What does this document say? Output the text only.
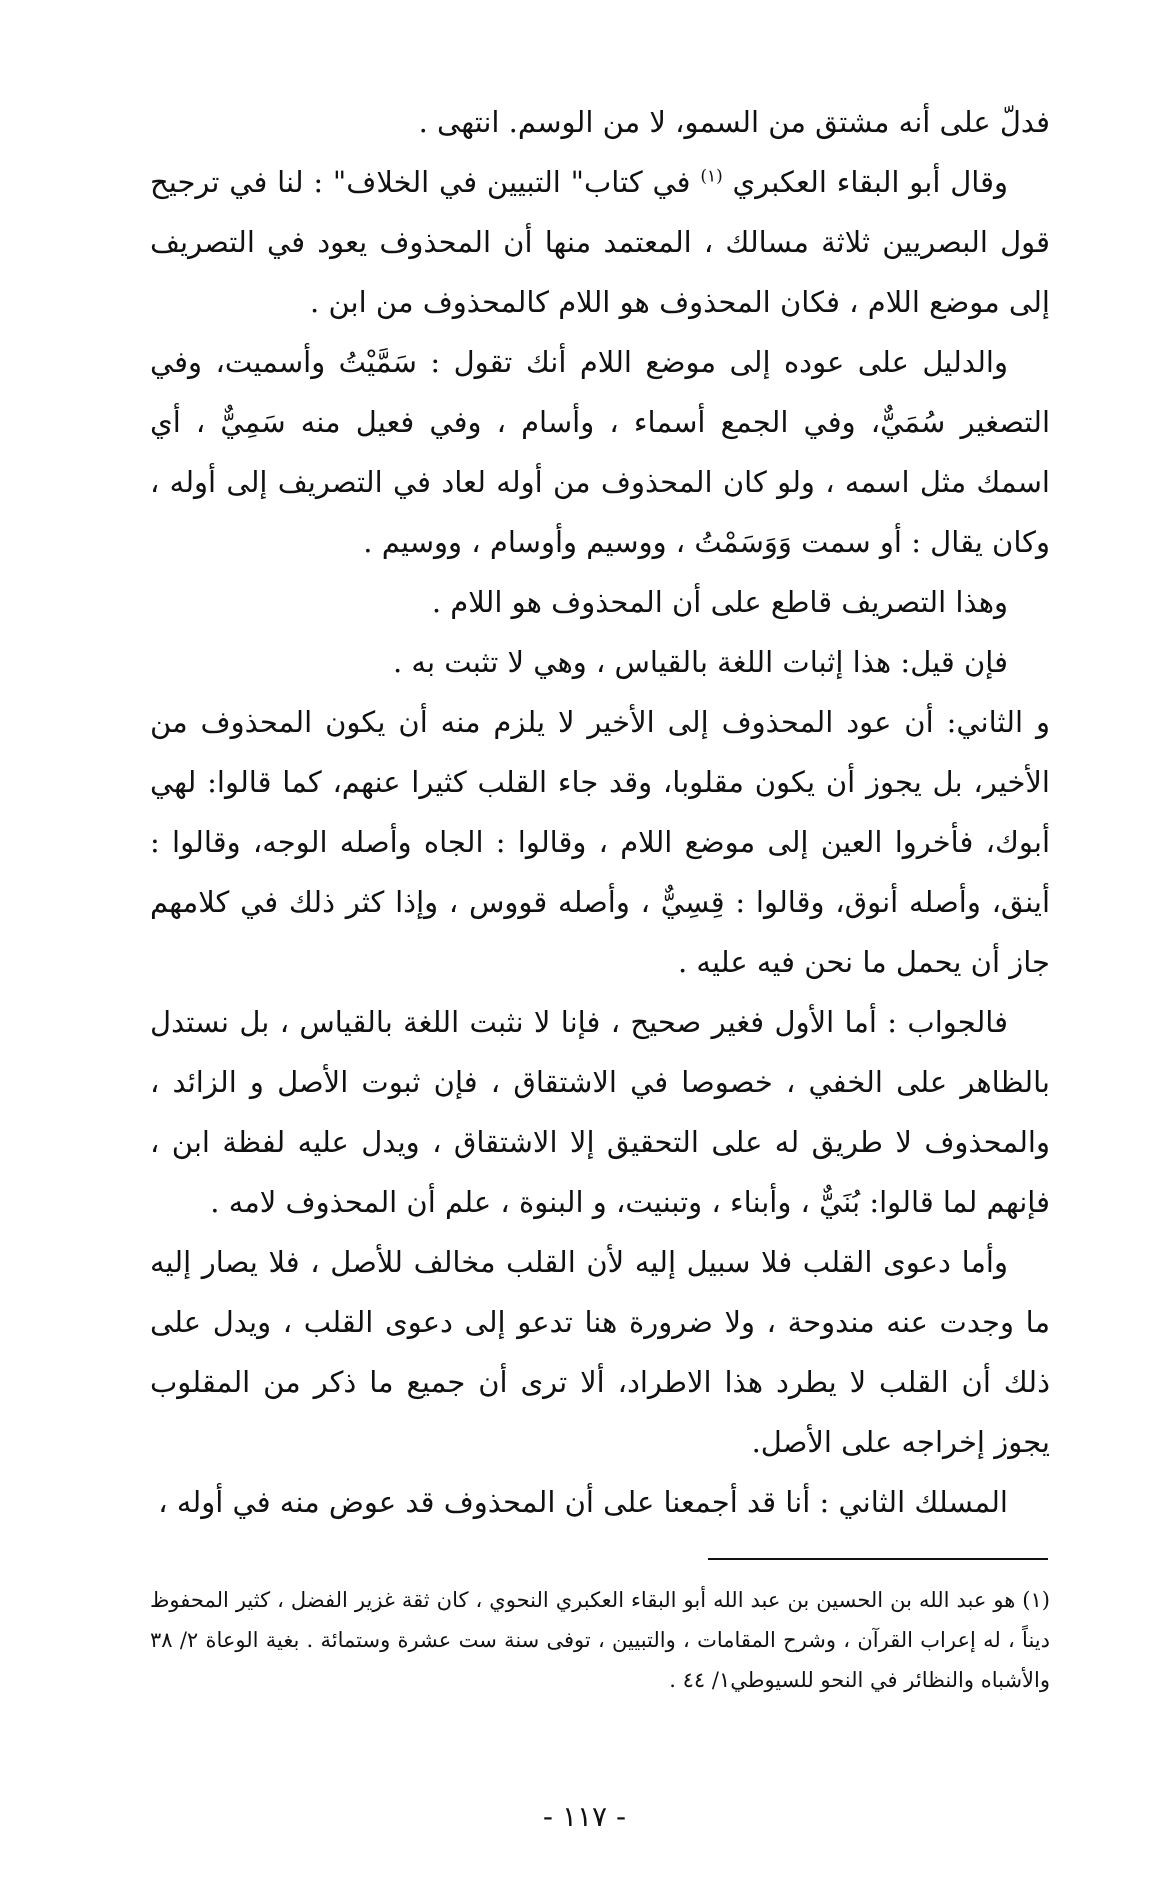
فدلّ على أنه مشتق من السمو، لا من الوسم. انتهى .

وقال أبو البقاء العكبري $^{(١)}$ في كتاب" التبيين في الخلاف" : لنا في ترجيح قول البصريين ثلاثة مسالك ، المعتمد منها أن المحذوف يعود في التصريف إلى موضع اللام ، فكان المحذوف هو اللام كالمحذوف من ابن .

والدليل على عوده إلى موضع اللام أنك تقول : سَمَّيْتُ وأسميت، وفي التصغير سُمَيٌّ، وفي الجمع أسماء ، وأسام ، وفي فعيل منه سَمِيٌّ ، أي اسمك مثل اسمه ، ولو كان المحذوف من أوله لعاد في التصريف إلى أوله ، وكان يقال : أو سمت وَوَسَمْتُ ، ووسيم وأوسام ، ووسيم .

وهذا التصريف قاطع على أن المحذوف هو اللام .

فإن قيل: هذا إثبات اللغة بالقياس ، وهي لا تثبت به .

و الثاني: أن عود المحذوف إلى الأخير لا يلزم منه أن يكون المحذوف من الأخير، بل يجوز أن يكون مقلوبا، وقد جاء القلب كثيرا عنهم، كما قالوا: لهي أبوك، فأخروا العين إلى موضع اللام ، وقالوا : الجاه وأصله الوجه، وقالوا : أينق، وأصله أنوق، وقالوا : قِسِيٌّ ، وأصله قووس ، وإذا كثر ذلك في كلامهم جاز أن يحمل ما نحن فيه عليه .

فالجواب : أما الأول فغير صحيح ، فإنا لا نثبت اللغة بالقياس ، بل نستدل بالظاهر على الخفي ، خصوصا في الاشتقاق ، فإن ثبوت الأصل و الزائد ، والمحذوف لا طريق له على التحقيق إلا الاشتقاق ، ويدل عليه لفظة ابن ، فإنهم لما قالوا: بُنَيٌّ ، وأبناء ، وتبنيت، و البنوة ، علم أن المحذوف لامه .

وأما دعوى القلب فلا سبيل إليه لأن القلب مخالف للأصل ، فلا يصار إليه ما وجدت عنه مندوحة ، ولا ضرورة هنا تدعو إلى دعوى القلب ، ويدل على ذلك أن القلب لا يطرد هذا الاطراد، ألا ترى أن جميع ما ذكر من المقلوب يجوز إخراجه على الأصل.

المسلك الثاني : أنا قد أجمعنا على أن المحذوف قد عوض منه في أوله ،

(١) هو عبد الله بن الحسين بن عبد الله أبو البقاء العكبري النحوي ، كان ثقة غزير الفضل ، كثير المحفوظ ديناً ، له إعراب القرآن ، وشرح المقامات ، والتبيين ، توفى سنة ست عشرة وستمائة . بغية الوعاة ٢/ ٣٨ والأشباه والنظائر في النحو للسيوطي١/ ٤٤ .

- ١١٧ -
